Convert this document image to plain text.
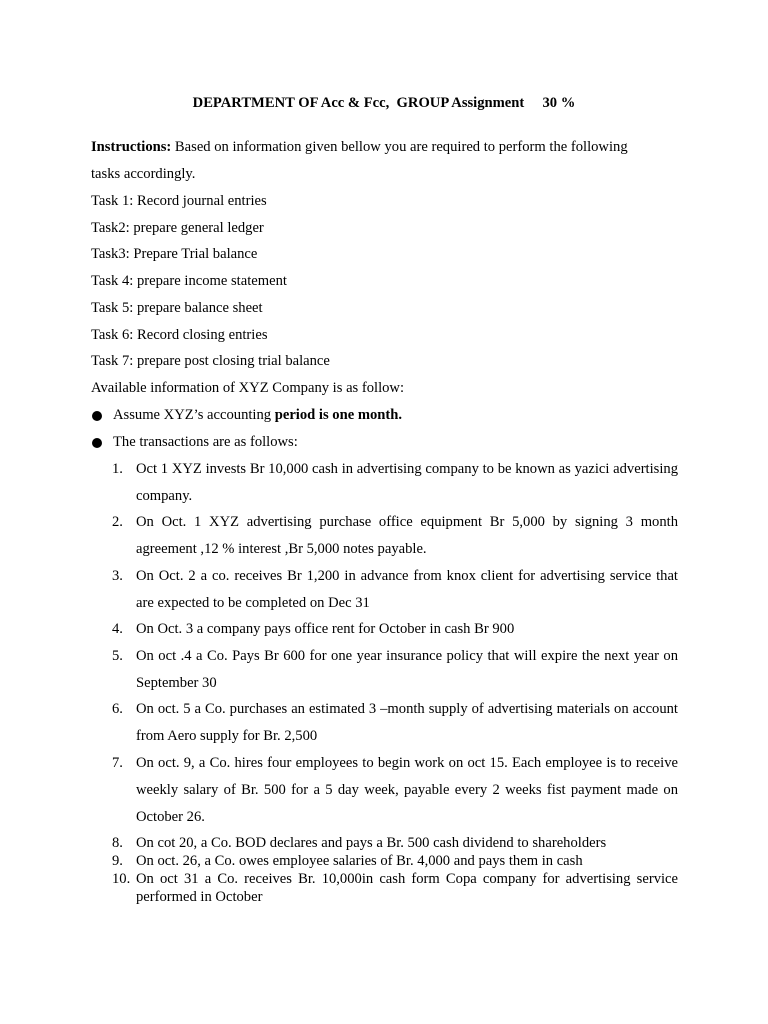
DEPARTMENT OF Acc & Fcc,  GROUP Assignment     30 %
Instructions: Based on information given bellow you are required to perform the following
tasks accordingly.
Task 1: Record journal entries
Task2: prepare general ledger
Task3: Prepare Trial balance
Task 4: prepare income statement
Task 5: prepare balance sheet
Task 6: Record closing entries
Task 7: prepare post closing trial balance
Available information of XYZ Company is as follow:
Assume XYZ’s accounting period is one month.
The transactions are as follows:
1. Oct 1 XYZ invests Br 10,000 cash in advertising company to be known as yazici advertising company.
2. On Oct. 1 XYZ advertising purchase office equipment Br 5,000 by signing 3 month agreement ,12 % interest ,Br 5,000 notes payable.
3. On Oct. 2 a co. receives Br 1,200 in advance from knox client for advertising service that are expected to be completed on Dec 31
4. On Oct. 3 a company pays office rent for October in cash Br 900
5. On oct .4 a Co. Pays Br 600 for one year insurance policy that will expire the next year on September 30
6. On oct. 5 a Co. purchases an estimated 3 –month supply of advertising materials on account from Aero supply for Br. 2,500
7. On oct. 9, a Co. hires four employees to begin work on oct 15. Each employee is to receive weekly salary of Br. 500 for a 5 day week, payable every 2 weeks fist payment made on October 26.
8. On cot 20, a Co. BOD declares and pays a Br. 500 cash dividend to shareholders
9. On oct. 26, a Co. owes employee salaries of Br. 4,000 and pays them in cash
10. On oct 31 a Co. receives Br. 10,000in cash form Copa company for advertising service performed in October
